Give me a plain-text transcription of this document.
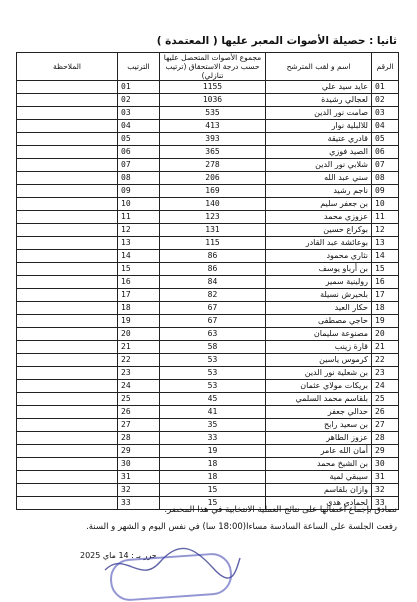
ثانيا : حصيلة الأصوات المعبر عليها ( المعتمدة )
الرقم	اسم و لقب المترشح	مجموع الأصوات المتحصل عليها حسب درجة الاستحقاق (ترتيب تنازلي)	الترتيب	الملاحظة
01	عايد سيد علي	1155	01	
02	لعجالي رشيدة	1036	02	
03	صامت نور الدين	535	03	
04	للالبلية نوار	413	04	
05	قادري عتيقة	393	05	
06	الصيد فوزي	365	06	
07	شلابي نور الدين	278	07	
08	سني عبد الله	206	08	
09	ناجم رشيد	169	09	
10	بن جعفر سليم	140	10	
11	عزوزي محمد	123	11	
12	بوكراع حسين	131	12	
13	بوعائشة عبد القادر	115	13	
14	نثاري محمود	86	14	
15	بن أرباو يوسف	86	15	
16	رولينية سمير	84	16	
17	بلحيرش نسيلة	82	17	
18	حكار العيد	67	18	
19	حاجي مصطفى	67	19	
20	مصنوعة سليمان	63	20	
21	قارة زينب	58	21	
22	كرموس ياسين	53	22	
23	بن شعلية نور الدين	53	23	
24	بريكات مولاي عثمان	53	24	
25	بلقاسم محمد السلمي	45	25	
26	حدالي جعفر	41	26	
27	بن سعيد رابح	35	27	
28	عزوز الطاهر	33	28	
29	أمان الله عامر	19	29	
30	بن الشيخ محمد	18	30	
31	سيبقي لمية	18	31	
32	وازان بلقاسم	15	32	
33	لحمادي هدى	15	33	
نصادق بإجماع أعضائها على نتائج العملية الانتخابية في هذا المحضر.
رفعت الجلسة على الساعة السادسة مساءا(18:00 سا) في نفس اليوم و الشهر و السنة.
حرر بـ : 14 ماي 2025
